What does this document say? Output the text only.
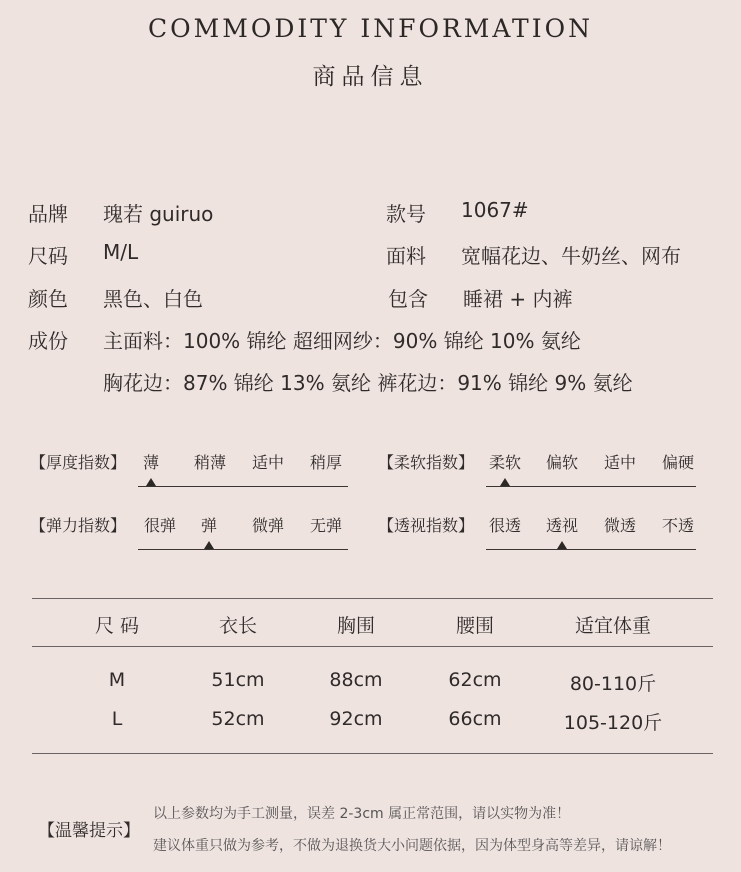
COMMODITY INFORMATION
商品信息
品牌 瑰若 guiruo	款号 1067#
尺码 M/L	面料 宽幅花边、牛奶丝、网布
颜色 黑色、白色	包含 睡裙 + 内裤
成份 主面料：100% 锦纶 超细网纱：90% 锦纶 10% 氨纶
胸花边：87% 锦纶 13% 氨纶 裤花边：91% 锦纶 9% 氨纶
【厚度指数】	薄	稍薄	适中	稍厚	【柔软指数】 柔软	偏软	适中	偏硬
【弹力指数】	很弹	弹	微弹	无弹	【透视指数】 很透	透视	微透	不透
尺 码	衣长	胸围	腰围	适宜体重
M	51cm	88cm	62cm	80-110斤
L	52cm	92cm	66cm	105-120斤
【温馨提示】
以上参数均为手工测量，误差 2-3cm 属正常范围，请以实物为准！
建议体重只做为参考，不做为退换货大小问题依据，因为体型身高等差异，请谅解！
